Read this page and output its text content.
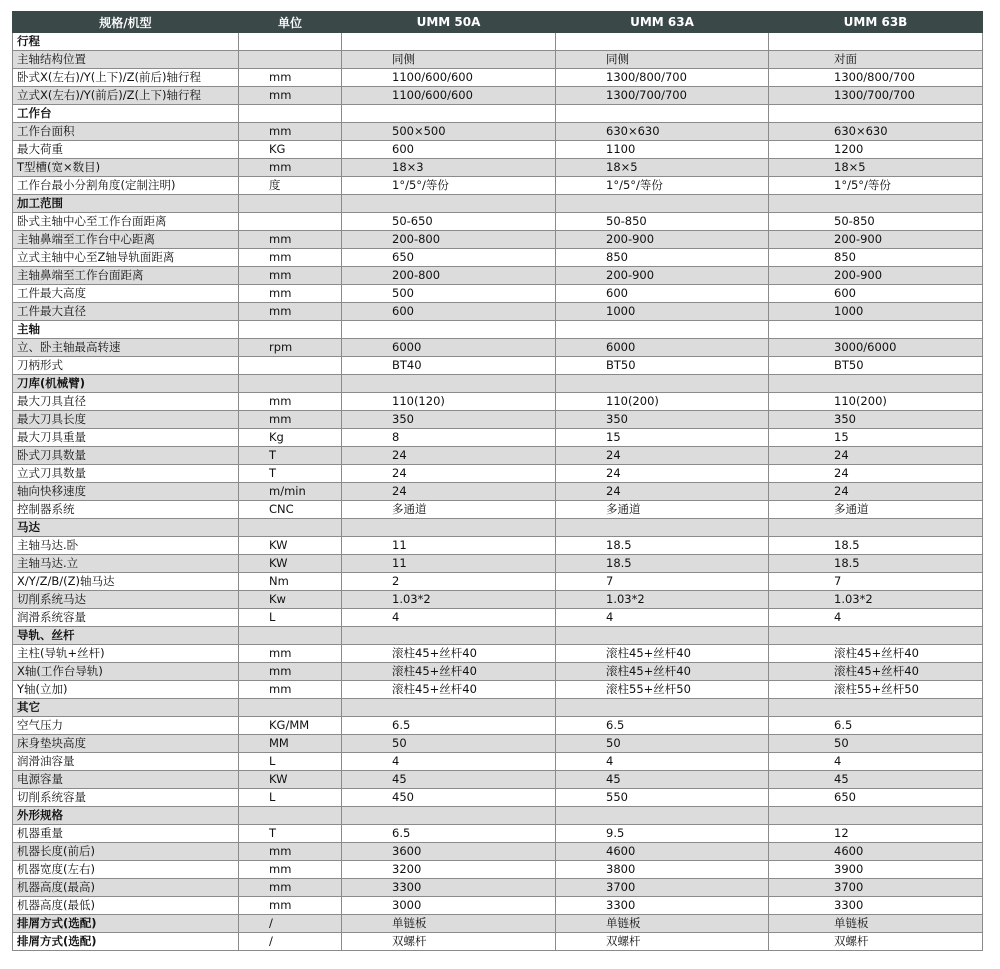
规格/机型	单位	UMM 50A	UMM 63A	UMM 63B
行程				
主轴结构位置		同侧	同侧	对面
卧式X(左右)/Y(上下)/Z(前后)轴行程	mm	1100/600/600	1300/800/700	1300/800/700
立式X(左右)/Y(前后)/Z(上下)轴行程	mm	1100/600/600	1300/700/700	1300/700/700
工作台				
工作台面积	mm	500×500	630×630	630×630
最大荷重	KG	600	1100	1200
T型槽(宽×数目)	mm	18×3	18×5	18×5
工作台最小分割角度(定制注明)	度	1°/5°/等份	1°/5°/等份	1°/5°/等份
加工范围				
卧式主轴中心至工作台面距离		50-650	50-850	50-850
主轴鼻端至工作台中心距离	mm	200-800	200-900	200-900
立式主轴中心至Z轴导轨面距离	mm	650	850	850
主轴鼻端至工作台面距离	mm	200-800	200-900	200-900
工件最大高度	mm	500	600	600
工件最大直径	mm	600	1000	1000
主轴				
立、卧主轴最高转速	rpm	6000	6000	3000/6000
刀柄形式		BT40	BT50	BT50
刀库(机械臂)				
最大刀具直径	mm	110(120)	110(200)	110(200)
最大刀具长度	mm	350	350	350
最大刀具重量	Kg	8	15	15
卧式刀具数量	T	24	24	24
立式刀具数量	T	24	24	24
轴向快移速度	m/min	24	24	24
控制器系统	CNC	多通道	多通道	多通道
马达				
主轴马达.卧	KW	11	18.5	18.5
主轴马达.立	KW	11	18.5	18.5
X/Y/Z/B/(Z)轴马达	Nm	2	7	7
切削系统马达	Kw	1.03*2	1.03*2	1.03*2
润滑系统容量	L	4	4	4
导轨、丝杆				
主柱(导轨+丝杆)	mm	滚柱45+丝杆40	滚柱45+丝杆40	滚柱45+丝杆40
X轴(工作台导轨)	mm	滚柱45+丝杆40	滚柱45+丝杆40	滚柱45+丝杆40
Y轴(立加)	mm	滚柱45+丝杆40	滚柱55+丝杆50	滚柱55+丝杆50
其它				
空气压力	KG/MM	6.5	6.5	6.5
床身垫块高度	MM	50	50	50
润滑油容量	L	4	4	4
电源容量	KW	45	45	45
切削系统容量	L	450	550	650
外形规格				
机器重量	T	6.5	9.5	12
机器长度(前后)	mm	3600	4600	4600
机器宽度(左右)	mm	3200	3800	3900
机器高度(最高)	mm	3300	3700	3700
机器高度(最低)	mm	3000	3300	3300
排屑方式(选配)	/	单链板	单链板	单链板
排屑方式(选配)	/	双螺杆	双螺杆	双螺杆
